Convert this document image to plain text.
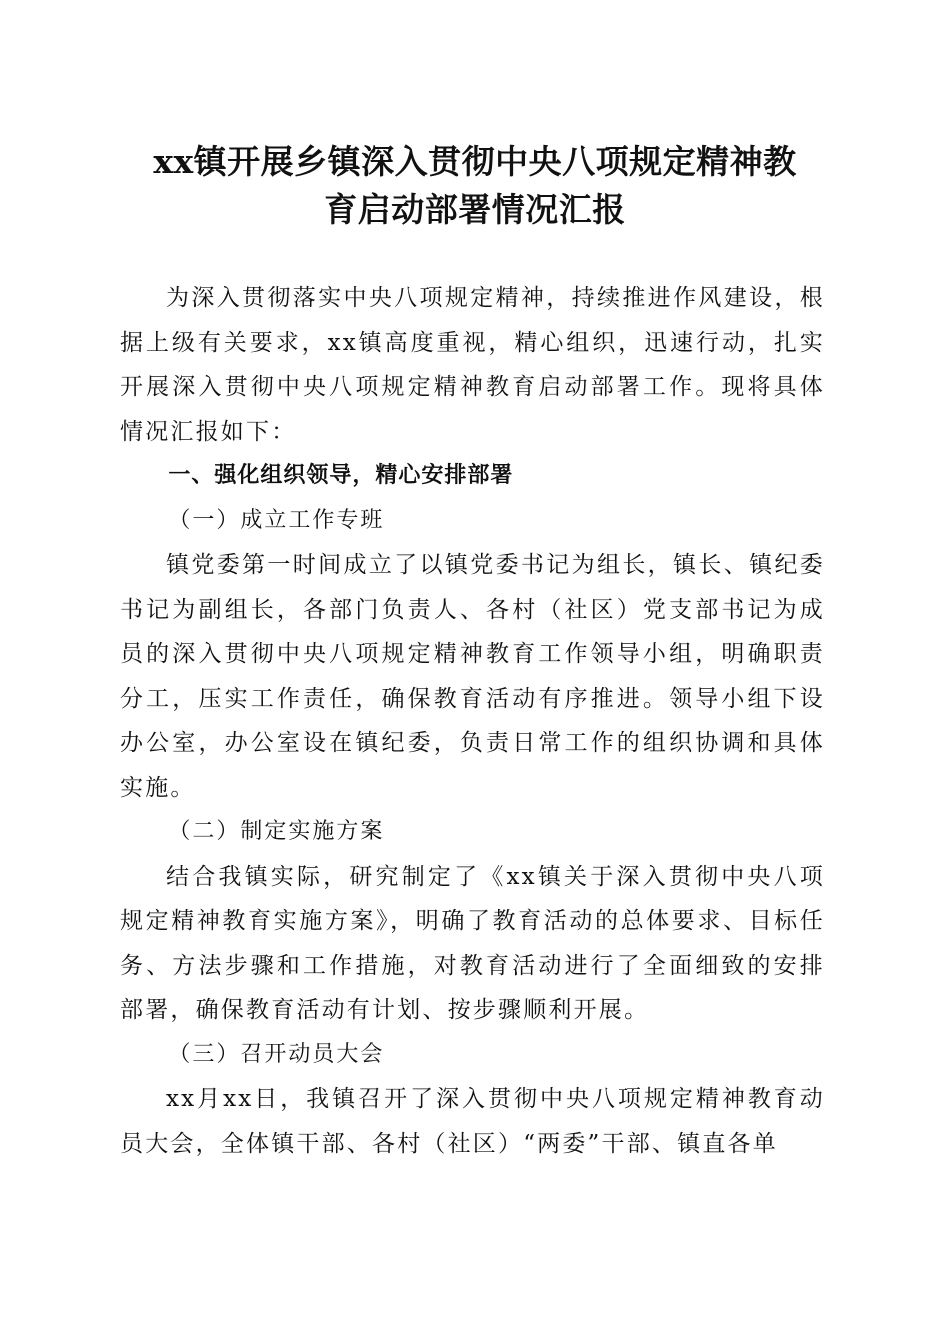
xx镇开展乡镇深入贯彻中央八项规定精神教
育启动部署情况汇报

为深入贯彻落实中央八项规定精神，持续推进作风建设，根据上级有关要求，xx镇高度重视，精心组织，迅速行动，扎实开展深入贯彻中央八项规定精神教育启动部署工作。现将具体情况汇报如下：

一、强化组织领导，精心安排部署

（一）成立工作专班

镇党委第一时间成立了以镇党委书记为组长，镇长、镇纪委书记为副组长，各部门负责人、各村（社区）党支部书记为成员的深入贯彻中央八项规定精神教育工作领导小组，明确职责分工，压实工作责任，确保教育活动有序推进。领导小组下设办公室，办公室设在镇纪委，负责日常工作的组织协调和具体实施。

（二）制定实施方案

结合我镇实际，研究制定了《xx镇关于深入贯彻中央八项规定精神教育实施方案》，明确了教育活动的总体要求、目标任务、方法步骤和工作措施，对教育活动进行了全面细致的安排部署，确保教育活动有计划、按步骤顺利开展。

（三）召开动员大会

xx月xx日，我镇召开了深入贯彻中央八项规定精神教育动员大会，全体镇干部、各村（社区）“两委”干部、镇直各单
